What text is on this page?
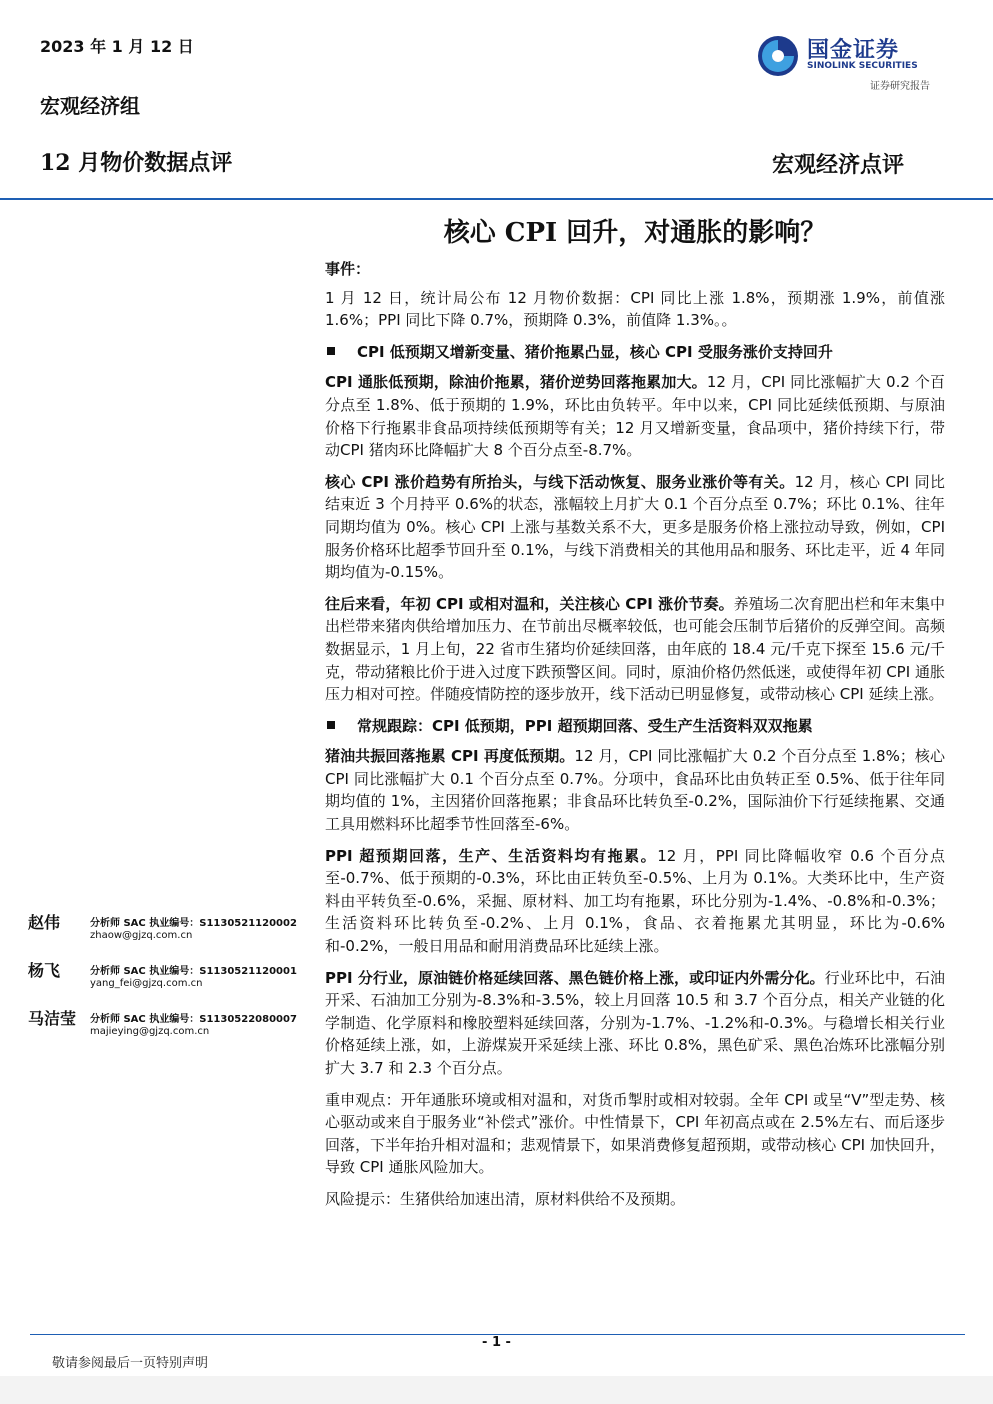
2023 年 1 月 12 日	国金证券
SINOLINK SECURITIES
证券研究报告
宏观经济组
12 月物价数据点评	宏观经济点评
核心 CPI 回升，对通胀的影响？

事件：

1 月 12 日，统计局公布 12 月物价数据：CPI 同比上涨 1.8%，预期涨 1.9%，前值涨 1.6%；PPI 同比下降 0.7%，预期降 0.3%，前值降 1.3%。。

CPI 低预期又增新变量、猪价拖累凸显，核心 CPI 受服务涨价支持回升

CPI 通胀低预期，除油价拖累，猪价逆势回落拖累加大。12 月，CPI 同比涨幅扩大 0.2 个百分点至 1.8%、低于预期的 1.9%，环比由负转平。年中以来，CPI 同比延续低预期、与原油价格下行拖累非食品项持续低预期等有关；12 月又增新变量，食品项中，猪价持续下行，带动CPI 猪肉环比降幅扩大 8 个百分点至-8.7%。

核心 CPI 涨价趋势有所抬头，与线下活动恢复、服务业涨价等有关。12 月，核心 CPI 同比结束近 3 个月持平 0.6%的状态，涨幅较上月扩大 0.1 个百分点至 0.7%；环比 0.1%、往年同期均值为 0%。核心 CPI 上涨与基数关系不大，更多是服务价格上涨拉动导致，例如，CPI 服务价格环比超季节回升至 0.1%，与线下消费相关的其他用品和服务、环比走平，近 4 年同期均值为-0.15%。

往后来看，年初 CPI 或相对温和，关注核心 CPI 涨价节奏。养殖场二次育肥出栏和年末集中出栏带来猪肉供给增加压力、在节前出尽概率较低，也可能会压制节后猪价的反弹空间。高频数据显示，1 月上旬，22 省市生猪均价延续回落，由年底的 18.4 元/千克下探至 15.6 元/千克，带动猪粮比价于进入过度下跌预警区间。同时，原油价格仍然低迷，或使得年初 CPI 通胀压力相对可控。伴随疫情防控的逐步放开，线下活动已明显修复，或带动核心 CPI 延续上涨。

常规跟踪：CPI 低预期，PPI 超预期回落、受生产生活资料双双拖累

猪油共振回落拖累 CPI 再度低预期。12 月，CPI 同比涨幅扩大 0.2 个百分点至 1.8%；核心 CPI 同比涨幅扩大 0.1 个百分点至 0.7%。分项中，食品环比由负转正至 0.5%、低于往年同期均值的 1%，主因猪价回落拖累；非食品环比转负至-0.2%，国际油价下行延续拖累、交通工具用燃料环比超季节性回落至-6%。

PPI 超预期回落，生产、生活资料均有拖累。12 月，PPI 同比降幅收窄 0.6 个百分点至-0.7%、低于预期的-0.3%，环比由正转负至-0.5%、上月为 0.1%。大类环比中，生产资料由平转负至-0.6%，采掘、原材料、加工均有拖累，环比分别为-1.4%、-0.8%和-0.3%；生活资料环比转负至-0.2%、上月 0.1%，食品、衣着拖累尤其明显，环比为-0.6%和-0.2%，一般日用品和耐用消费品环比延续上涨。

PPI 分行业，原油链价格延续回落、黑色链价格上涨，或印证内外需分化。行业环比中，石油开采、石油加工分别为-8.3%和-3.5%，较上月回落 10.5 和 3.7 个百分点，相关产业链的化学制造、化学原料和橡胶塑料延续回落，分别为-1.7%、-1.2%和-0.3%。与稳增长相关行业价格延续上涨，如，上游煤炭开采延续上涨、环比 0.8%，黑色矿采、黑色冶炼环比涨幅分别扩大 3.7 和 2.3 个百分点。

重申观点：开年通胀环境或相对温和，对货币掣肘或相对较弱。全年 CPI 或呈“V”型走势、核心驱动或来自于服务业“补偿式”涨价。中性情景下，CPI 年初高点或在 2.5%左右、而后逐步回落，下半年抬升相对温和；悲观情景下，如果消费修复超预期，或带动核心 CPI 加快回升，导致 CPI 通胀风险加大。

风险提示：生猪供给加速出清，原材料供给不及预期。

赵伟	分析师 SAC 执业编号：S1130521120002
zhaow@gjzq.com.cn
杨飞	分析师 SAC 执业编号：S1130521120001
yang_fei@gjzq.com.cn
马洁莹 分析师 SAC 执业编号：S1130522080007
majieying@gjzq.com.cn
- 1 -
敬请参阅最后一页特别声明
